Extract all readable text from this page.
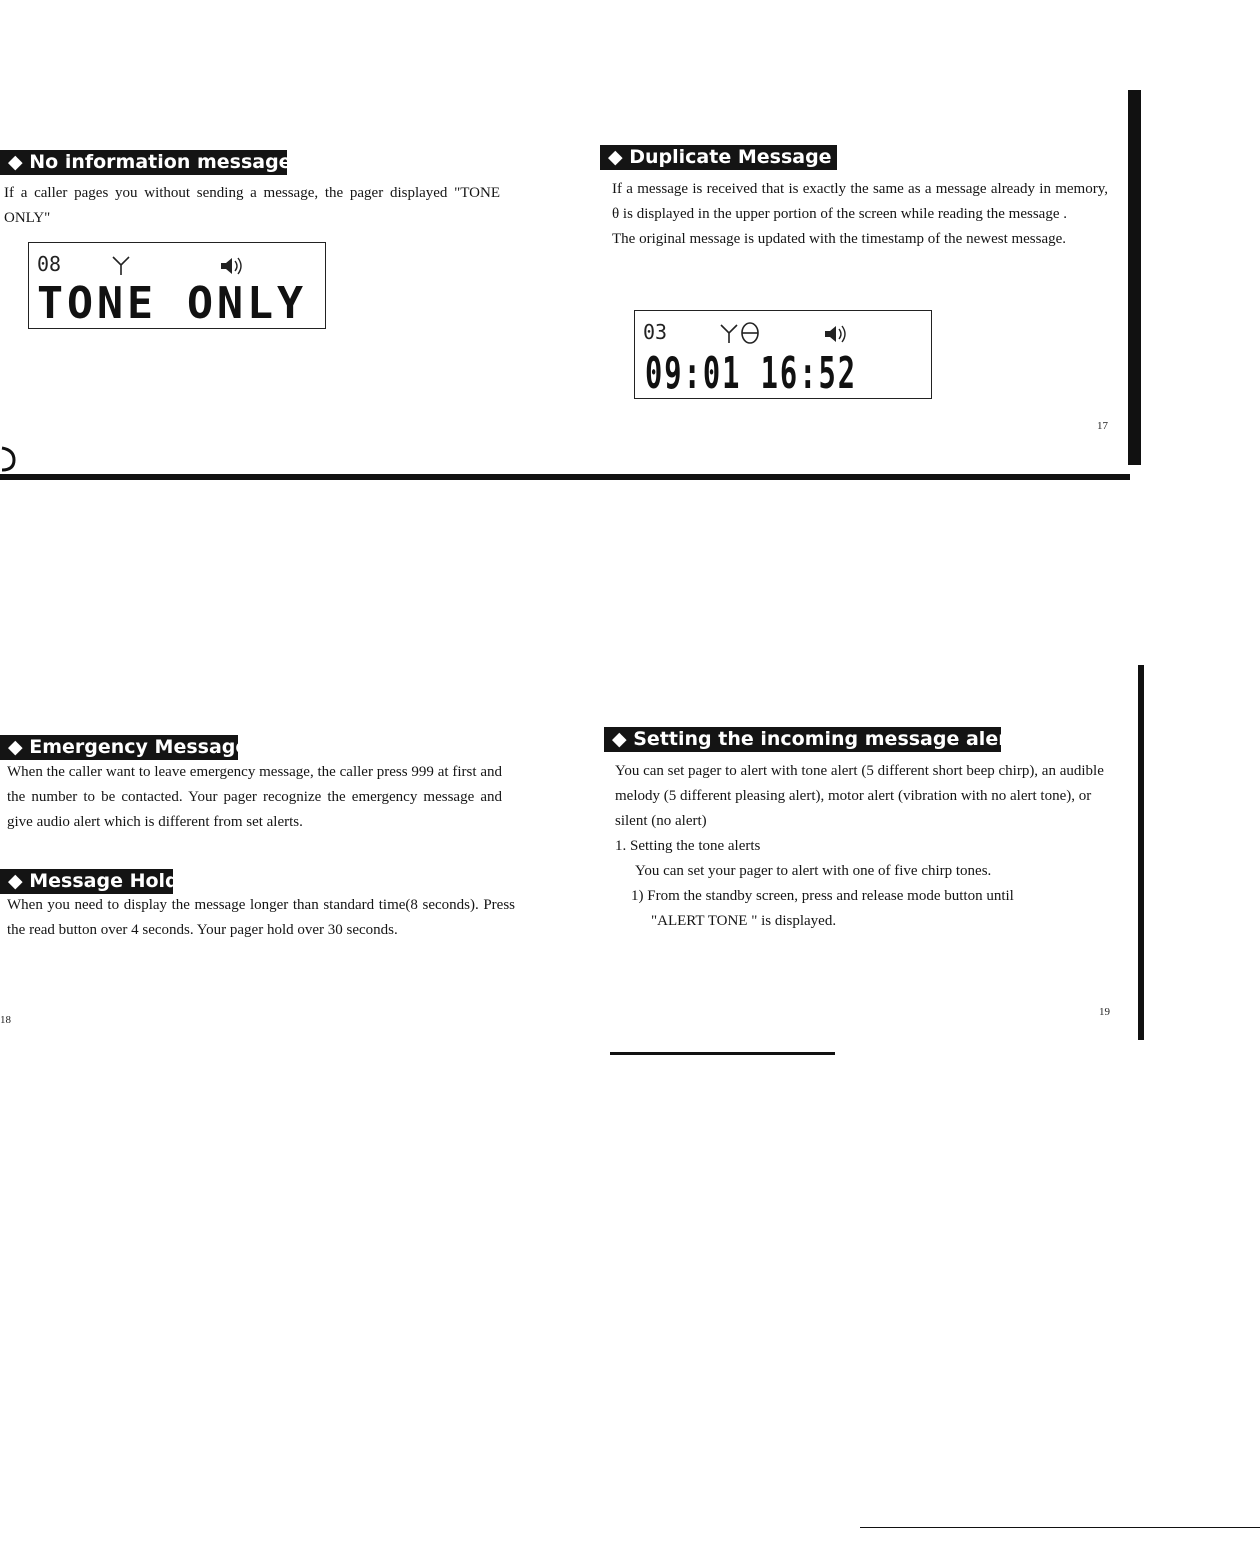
◆ No information message

If a caller pages you without sending a message, the pager displayed "TONE ONLY"

08
TONE ONLY
◆ Duplicate Message

If a message is received that is exactly the same as a message already in memory, θ is displayed in the upper portion of the screen while reading the message .

The original message is updated with the timestamp of the newest message.

03
09:01 16:52
17
◆ Emergency Message

When the caller want to leave emergency message, the caller press 999 at first and the number to be contacted. Your pager recognize the emergency message and give audio alert which is different from set alerts.

◆ Message Hold

When you need to display the message longer than standard time(8 seconds). Press the read button over 4 seconds. Your pager hold over 30 seconds.

18
◆ Setting the incoming message alert

You can set pager to alert with tone alert (5 different short beep chirp), an audible melody (5 different pleasing alert), motor alert (vibration with no alert tone), or silent (no alert)

1. Setting the tone alerts

You can set your pager to alert with one of five chirp tones.

1) From the standby screen, press and release mode button until

"ALERT TONE " is displayed.

19
